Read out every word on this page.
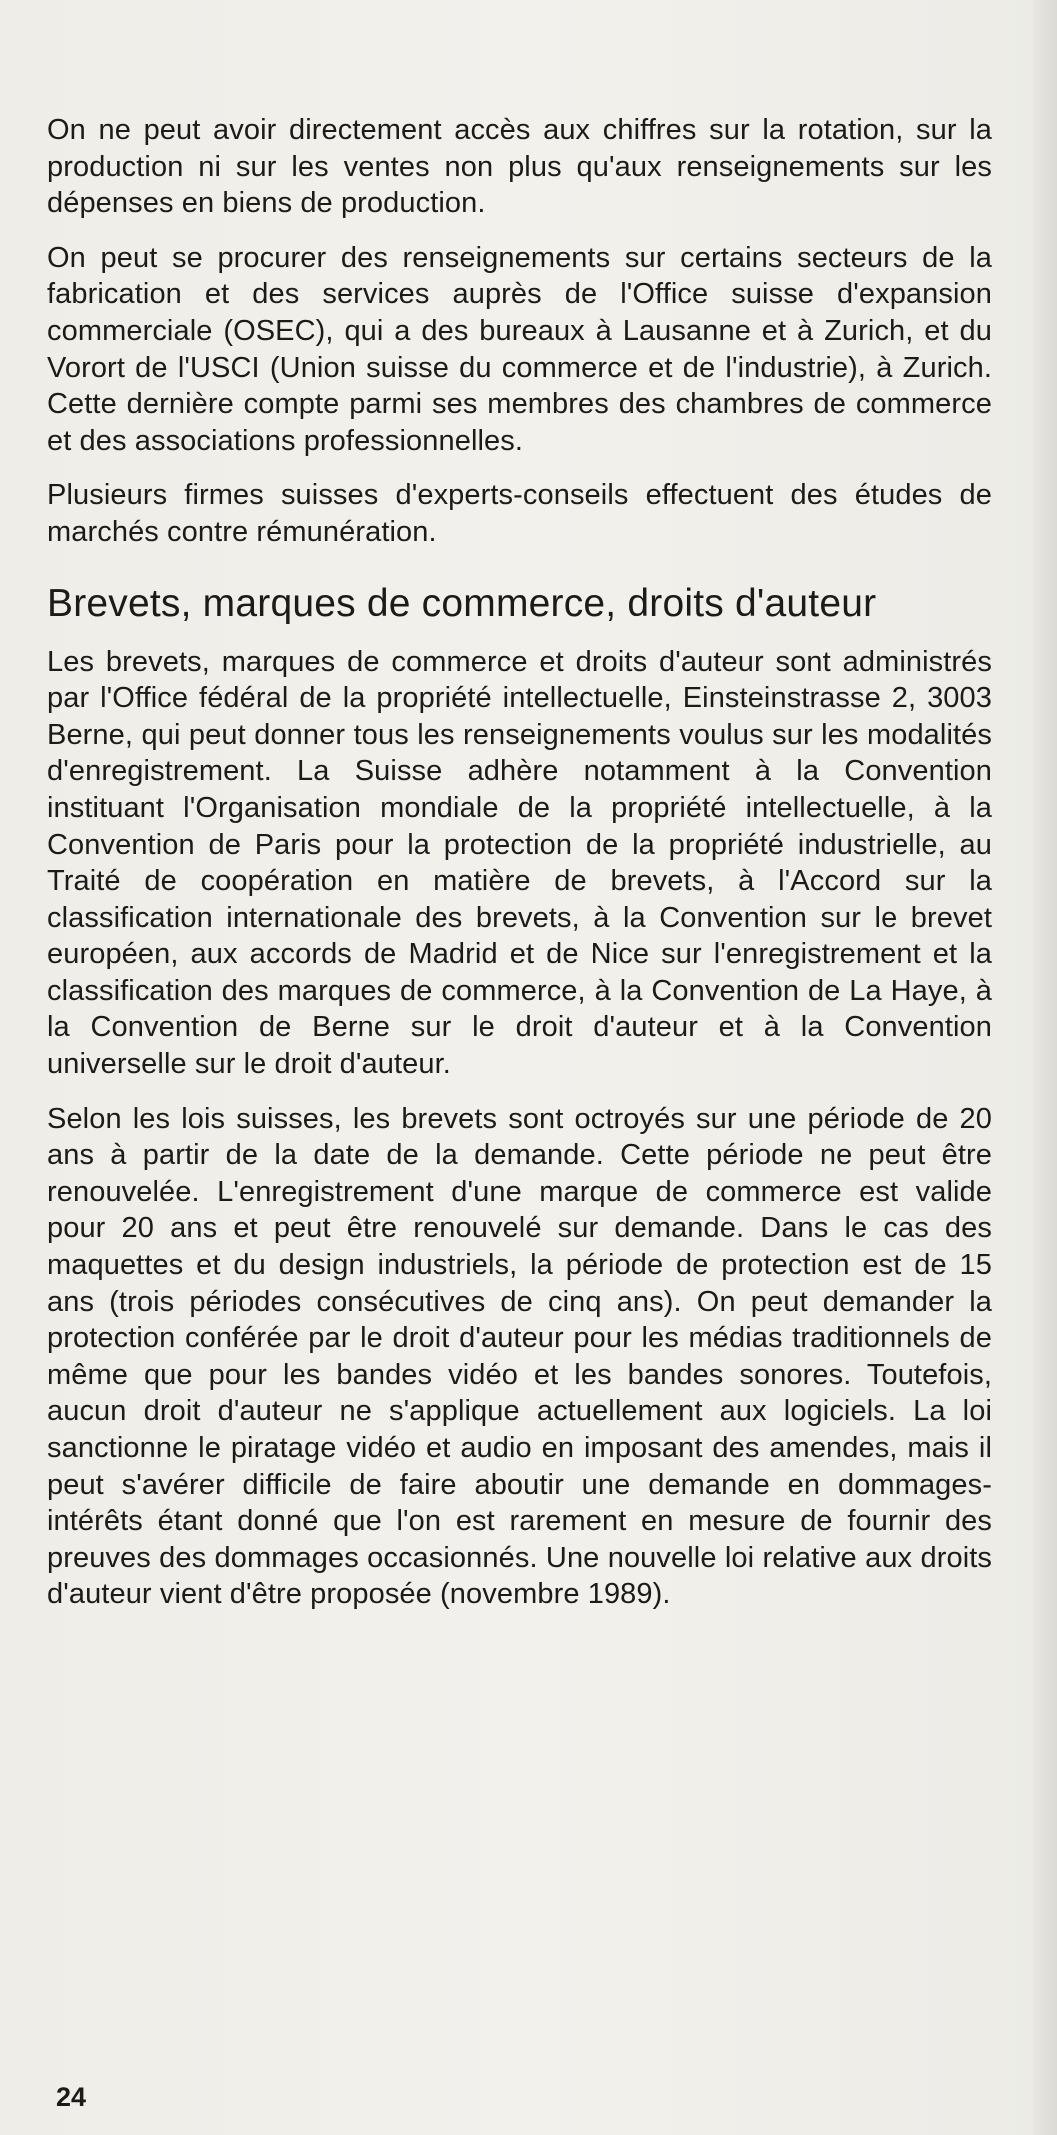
On ne peut avoir directement accès aux chiffres sur la rotation, sur la production ni sur les ventes non plus qu'aux renseignements sur les dépenses en biens de production.

On peut se procurer des renseignements sur certains secteurs de la fabrication et des services auprès de l'Office suisse d'expansion commerciale (OSEC), qui a des bureaux à Lausanne et à Zurich, et du Vorort de l'USCI (Union suisse du commerce et de l'industrie), à Zurich. Cette dernière compte parmi ses membres des chambres de commerce et des associations professionnelles.

Plusieurs firmes suisses d'experts-conseils effectuent des études de marchés contre rémunération.

Brevets, marques de commerce, droits d'auteur

Les brevets, marques de commerce et droits d'auteur sont administrés par l'Office fédéral de la propriété intellectuelle, Einsteinstrasse 2, 3003 Berne, qui peut donner tous les renseignements voulus sur les modalités d'enregistrement. La Suisse adhère notamment à la Convention instituant l'Organisation mondiale de la propriété intellectuelle, à la Convention de Paris pour la protection de la propriété industrielle, au Traité de coopération en matière de brevets, à l'Accord sur la classification internationale des brevets, à la Convention sur le brevet européen, aux accords de Madrid et de Nice sur l'enregistrement et la classification des marques de commerce, à la Convention de La Haye, à la Convention de Berne sur le droit d'auteur et à la Convention universelle sur le droit d'auteur.

Selon les lois suisses, les brevets sont octroyés sur une période de 20 ans à partir de la date de la demande. Cette période ne peut être renouvelée. L'enregistrement d'une marque de commerce est valide pour 20 ans et peut être renouvelé sur demande. Dans le cas des maquettes et du design industriels, la période de protection est de 15 ans (trois périodes consécutives de cinq ans). On peut demander la protection conférée par le droit d'auteur pour les médias traditionnels de même que pour les bandes vidéo et les bandes sonores. Toutefois, aucun droit d'auteur ne s'applique actuellement aux logiciels. La loi sanctionne le piratage vidéo et audio en imposant des amendes, mais il peut s'avérer difficile de faire aboutir une demande en dommages-intérêts étant donné que l'on est rarement en mesure de fournir des preuves des dommages occasionnés. Une nouvelle loi relative aux droits d'auteur vient d'être proposée (novembre 1989).

24
